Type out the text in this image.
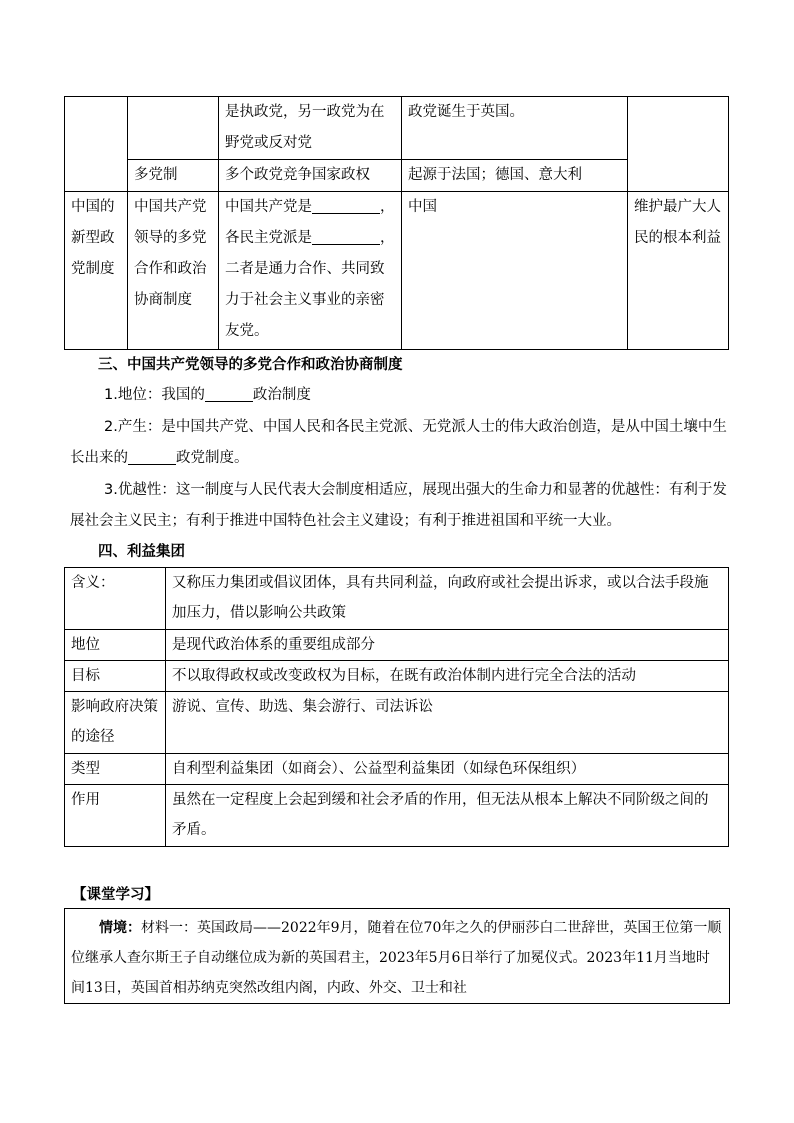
		是执政党，另一政党为在野党或反对党	政党诞生于英国。	
	多党制	多个政党竞争国家政权	起源于法国；德国、意大利	
中国的新型政党制度	中国共产党领导的多党合作和政治协商制度	中国共产党是 ，各民主党派是 ，二者是通力合作、共同致力于社会主义事业的亲密友党。	中国	维护最广大人民的根本利益

三、中国共产党领导的多党合作和政治协商制度

1.地位：我国的	政治制度

2.产生：是中国共产党、中国人民和各民主党派、无党派人士的伟大政治创造，是从中国土壤中生长出来的	政党制度。

3.优越性：这一制度与人民代表大会制度相适应，展现出强大的生命力和显著的优越性：有利于发展社会主义民主；有利于推进中国特色社会主义建设；有利于推进祖国和平统一大业。

四、利益集团

含义：	又称压力集团或倡议团体，具有共同利益，向政府或社会提出诉求，或以合法手段施加压力，借以影响公共政策
地位	是现代政治体系的重要组成部分
目标	不以取得政权或改变政权为目标，在既有政治体制内进行完全合法的活动
影响政府决策的途径	游说、宣传、助选、集会游行、司法诉讼
类型	自利型利益集团（如商会）、公益型利益集团（如绿色环保组织）
作用	虽然在一定程度上会起到缓和社会矛盾的作用，但无法从根本上解决不同阶级之间的矛盾。

【课堂学习】

情境：材料一：英国政局——2022年9月，随着在位70年之久的伊丽莎白二世辞世，英国王位第一顺位继承人查尔斯王子自动继位成为新的英国君主，2023年5月6日举行了加冕仪式。2023年11月当地时间13日，英国首相苏纳克突然改组内阁，内政、外交、卫士和社
